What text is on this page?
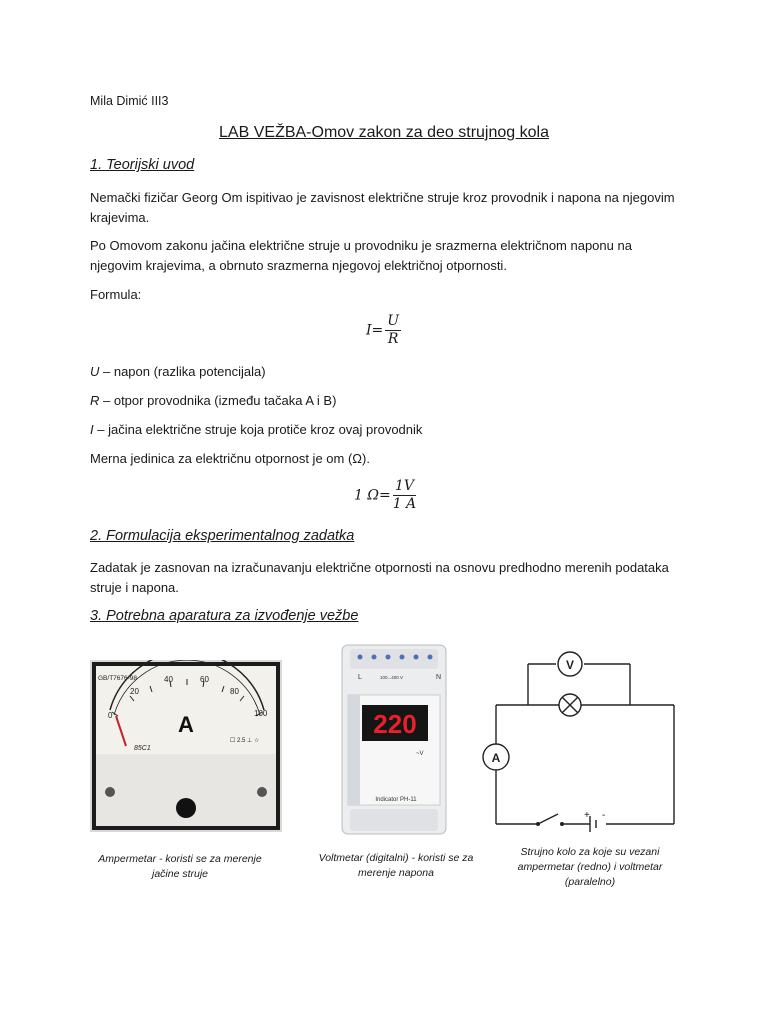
Mila Dimić III3
LAB VEŽBA-Omov zakon za deo strujnog kola
1. Teorijski uvod
Nemački fizičar Georg Om ispitivao je zavisnost električne struje kroz provodnik i napona na njegovim krajevima.
Po Omovom zakonu jačina električne struje u provodniku je srazmerna električnom naponu na njegovim krajevima, a obrnuto srazmerna njegovoj električnoj otpornosti.
Formula:
$I= \frac{U}{R}$
U – napon (razlika potencijala)
R – otpor provodnika (između tačaka A i B)
I – jačina električne struje koja protiče kroz ovaj provodnik
Merna jedinica za električnu otpornost je om (Ω).
1 $\Omega= \frac{1V}{1 A}$
2. Formulacija eksperimentalnog zadatka
Zadatak je zasnovan na izračunavanju električne otpornosti na osnovu predhodno merenih podataka struje i napona.
3. Potrebna aparatura za izvođenje vežbe
GB/T7676-98
0
20
40	60
80
100
A
85C1
☐ 2.5 ⊥ ☆
L	N
100...400 V
220
~V
Indicator PH-11
V
A
+ -
Ampermetar - koristi se za merenje
jačine struje
Voltmetar (digitalni) - koristi se za
merenje napona
Strujno kolo za koje su vezani
ampermetar (redno) i voltmetar
(paralelno)
